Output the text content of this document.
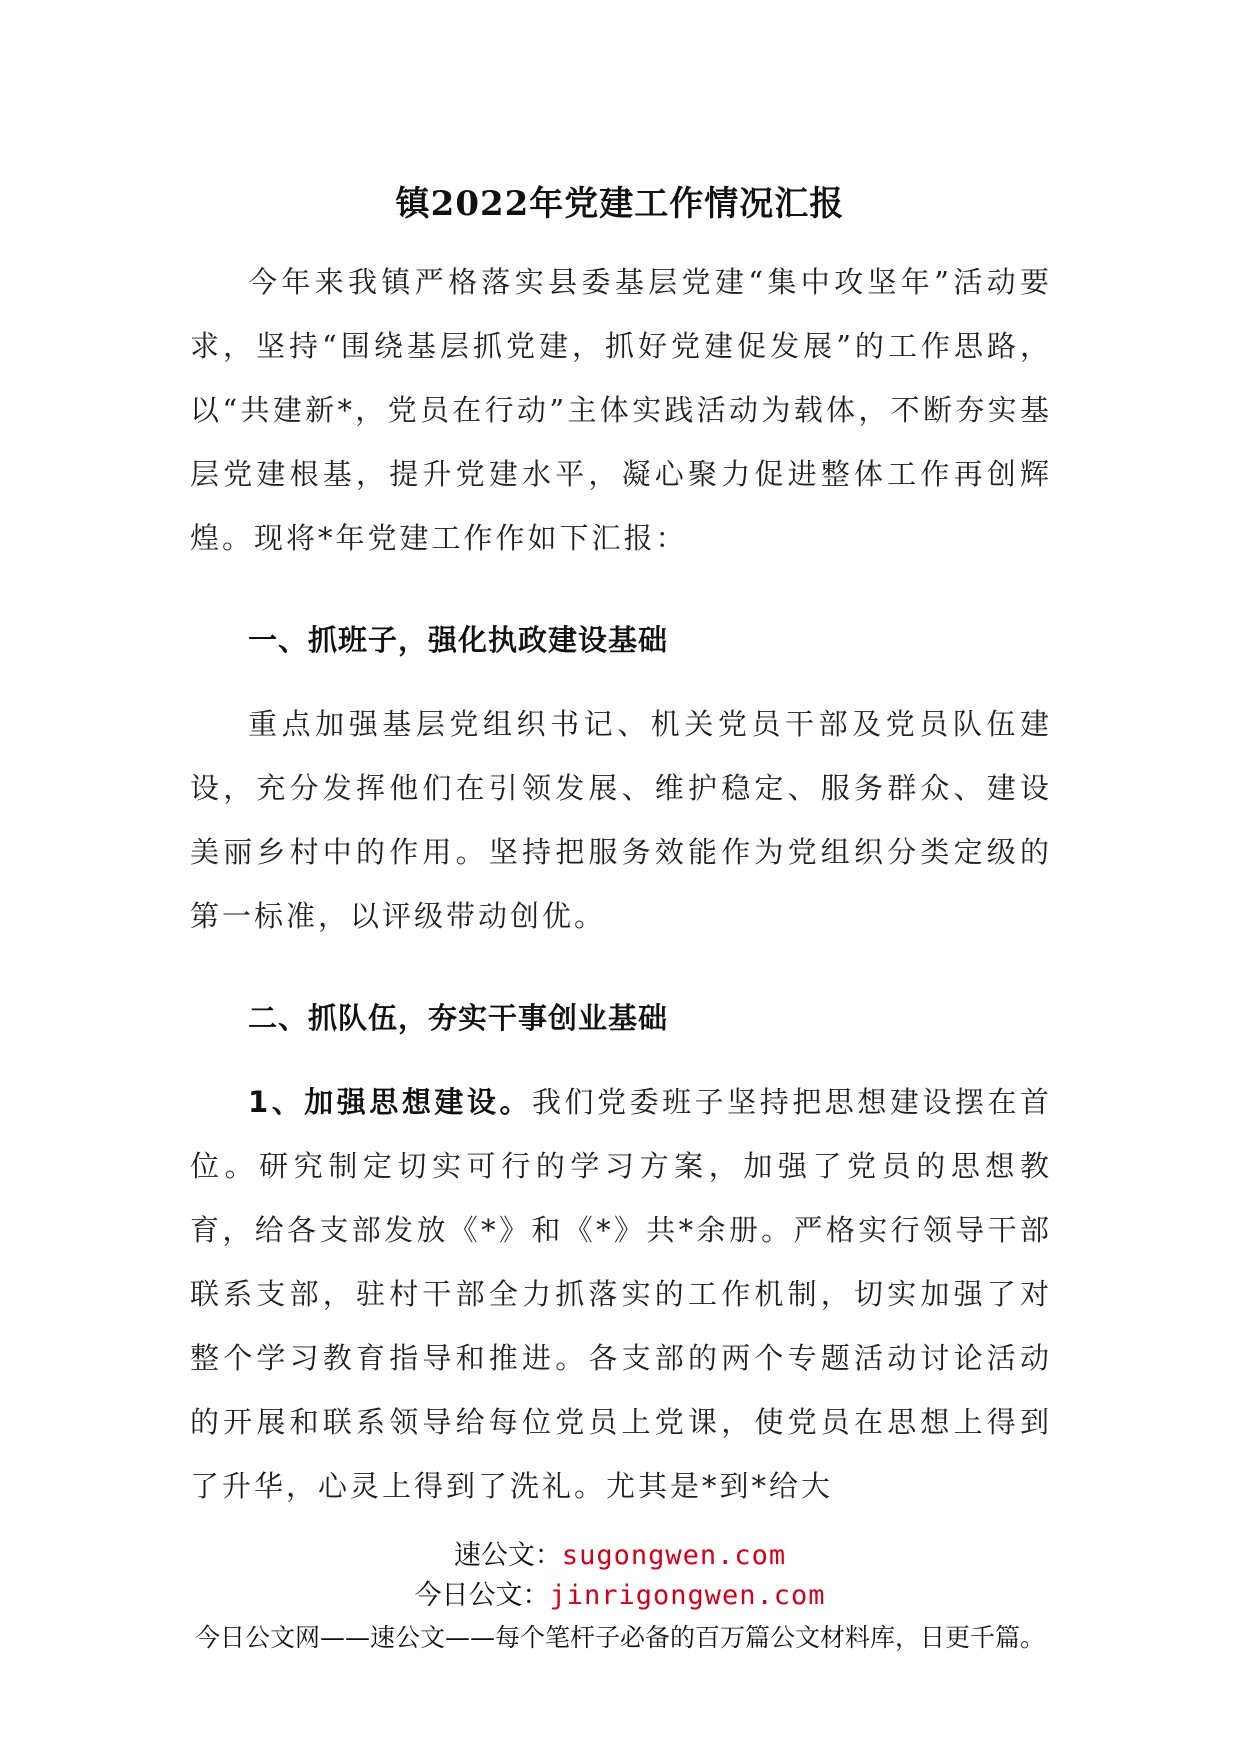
镇2022年党建工作情况汇报

今年来我镇严格落实县委基层党建“集中攻坚年”活动要求，坚持“围绕基层抓党建，抓好党建促发展”的工作思路，以“共建新*，党员在行动”主体实践活动为载体，不断夯实基层党建根基，提升党建水平，凝心聚力促进整体工作再创辉煌。现将*年党建工作作如下汇报：

一、抓班子，强化执政建设基础

重点加强基层党组织书记、机关党员干部及党员队伍建设，充分发挥他们在引领发展、维护稳定、服务群众、建设美丽乡村中的作用。坚持把服务效能作为党组织分类定级的第一标准，以评级带动创优。

二、抓队伍，夯实干事创业基础

1、加强思想建设。我们党委班子坚持把思想建设摆在首位。研究制定切实可行的学习方案，加强了党员的思想教育，给各支部发放《*》和《*》共*余册。严格实行领导干部联系支部，驻村干部全力抓落实的工作机制，切实加强了对整个学习教育指导和推进。各支部的两个专题活动讨论活动的开展和联系领导给每位党员上党课，使党员在思想上得到了升华，心灵上得到了洗礼。尤其是*到*给大

速公文：sugongwen.com
今日公文：jinrigongwen.com
今日公文网——速公文——每个笔杆子必备的百万篇公文材料库，日更千篇。
